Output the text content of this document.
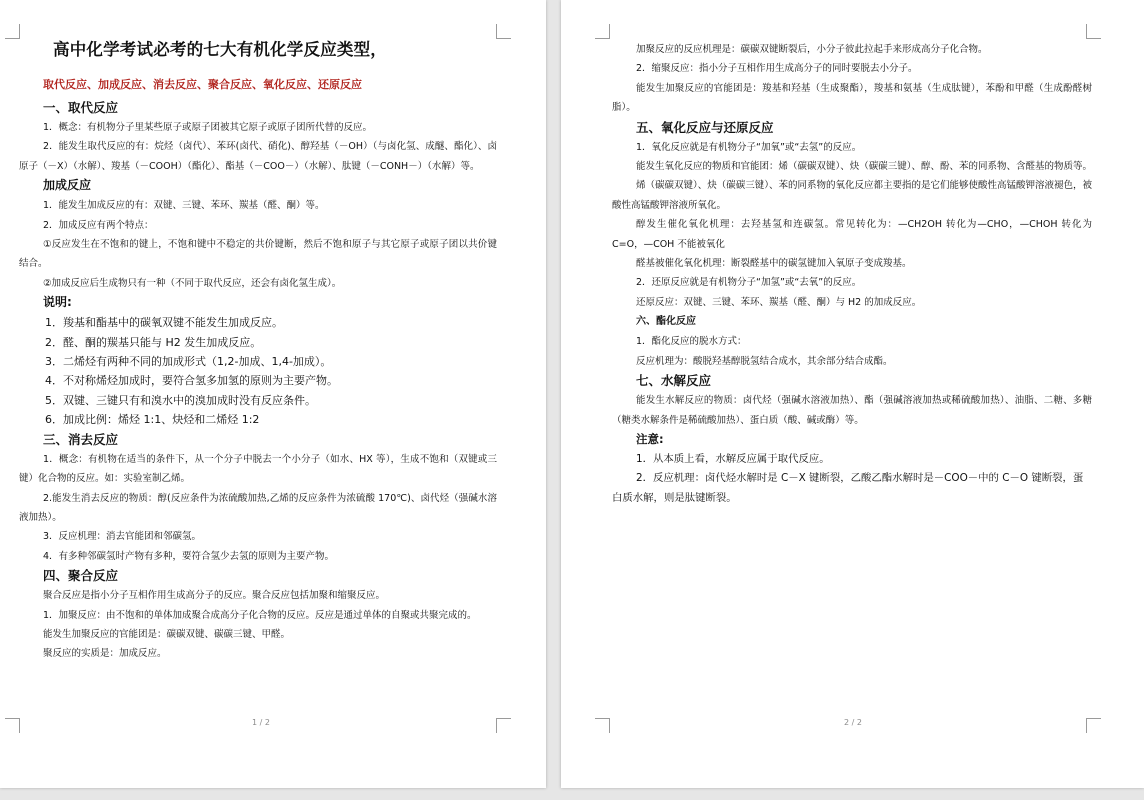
高中化学考试必考的七大有机化学反应类型，
取代反应、加成反应、消去反应、聚合反应、氧化反应、还原反应
一、取代反应

1．概念：有机物分子里某些原子或原子团被其它原子或原子团所代替的反应。

2．能发生取代反应的有：烷烃（卤代）、苯环(卤代、硝化)、醇羟基（－OH）（与卤化氢、成醚、酯化）、卤原子（－X）（水解）、羧基（－COOH）（酯化）、酯基（－COO－）（水解）、肽键（－CONH－）（水解）等。

加成反应

1．能发生加成反应的有：双键、三键、苯环、羰基（醛、酮）等。

2．加成反应有两个特点：

①反应发生在不饱和的键上，不饱和键中不稳定的共价键断，然后不饱和原子与其它原子或原子团以共价键结合。

②加成反应后生成物只有一种（不同于取代反应，还会有卤化氢生成）。

说明:

1．羧基和酯基中的碳氧双键不能发生加成反应。

2．醛、酮的羰基只能与 H2 发生加成反应。

3．二烯烃有两种不同的加成形式（1,2-加成、1,4-加成）。

4．不对称烯烃加成时，要符合氢多加氢的原则为主要产物。

5．双键、三键只有和溴水中的溴加成时没有反应条件。

6．加成比例：烯烃 1:1、炔烃和二烯烃 1:2

三、消去反应

1．概念：有机物在适当的条件下，从一个分子中脱去一个小分子（如水、HX 等），生成不饱和（双键或三键）化合物的反应。如：实验室制乙烯。

2.能发生消去反应的物质：醇(反应条件为浓硫酸加热,乙烯的反应条件为浓硫酸 170℃)、卤代烃（强碱水溶液加热）。

3．反应机理：消去官能团和邻碳氢。

4．有多种邻碳氢时产物有多种，要符合氢少去氢的原则为主要产物。

四、聚合反应

聚合反应是指小分子互相作用生成高分子的反应。聚合反应包括加聚和缩聚反应。

1．加聚反应：由不饱和的单体加成聚合成高分子化合物的反应。反应是通过单体的自聚或共聚完成的。

能发生加聚反应的官能团是：碳碳双键、碳碳三键、甲醛。

聚反应的实质是：加成反应。

1 / 2

加聚反应的反应机理是：碳碳双键断裂后，小分子彼此拉起手来形成高分子化合物。

2．缩聚反应：指小分子互相作用生成高分子的同时要脱去小分子。

能发生加聚反应的官能团是：羧基和羟基（生成聚酯），羧基和氨基（生成肽键），苯酚和甲醛（生成酚醛树脂）。

五、氧化反应与还原反应

1．氧化反应就是有机物分子“加氧”或“去氢”的反应。

能发生氧化反应的物质和官能团：烯（碳碳双键）、炔（碳碳三键）、醇、酚、苯的同系物、含醛基的物质等。

烯（碳碳双键）、炔（碳碳三键）、苯的同系物的氧化反应都主要指的是它们能够使酸性高锰酸钾溶液褪色，被酸性高锰酸钾溶液所氧化。

醇发生催化氧化机理：去羟基氢和连碳氢。常见转化为：—CH2OH 转化为—CHO，—CHOH 转化为 C=O，—COH 不能被氧化

醛基被催化氧化机理：断裂醛基中的碳氢键加入氧原子变成羧基。

2．还原反应就是有机物分子“加氢”或“去氧”的反应。

还原反应：双键、三键、苯环、羰基（醛、酮）与 H2 的加成反应。

六、酯化反应

1．酯化反应的脱水方式：

反应机理为：酸脱羟基醇脱氢结合成水，其余部分结合成酯。

七、水解反应

能发生水解反应的物质：卤代烃（强碱水溶液加热）、酯（强碱溶液加热或稀硫酸加热）、油脂、二糖、多糖（糖类水解条件是稀硫酸加热）、蛋白质（酸、碱或酶）等。

注意:

1．从本质上看，水解反应属于取代反应。

2．反应机理：卤代烃水解时是 C－X 键断裂，乙酸乙酯水解时是－COO－中的 C－O 键断裂，蛋白质水解，则是肽键断裂。

2 / 2
